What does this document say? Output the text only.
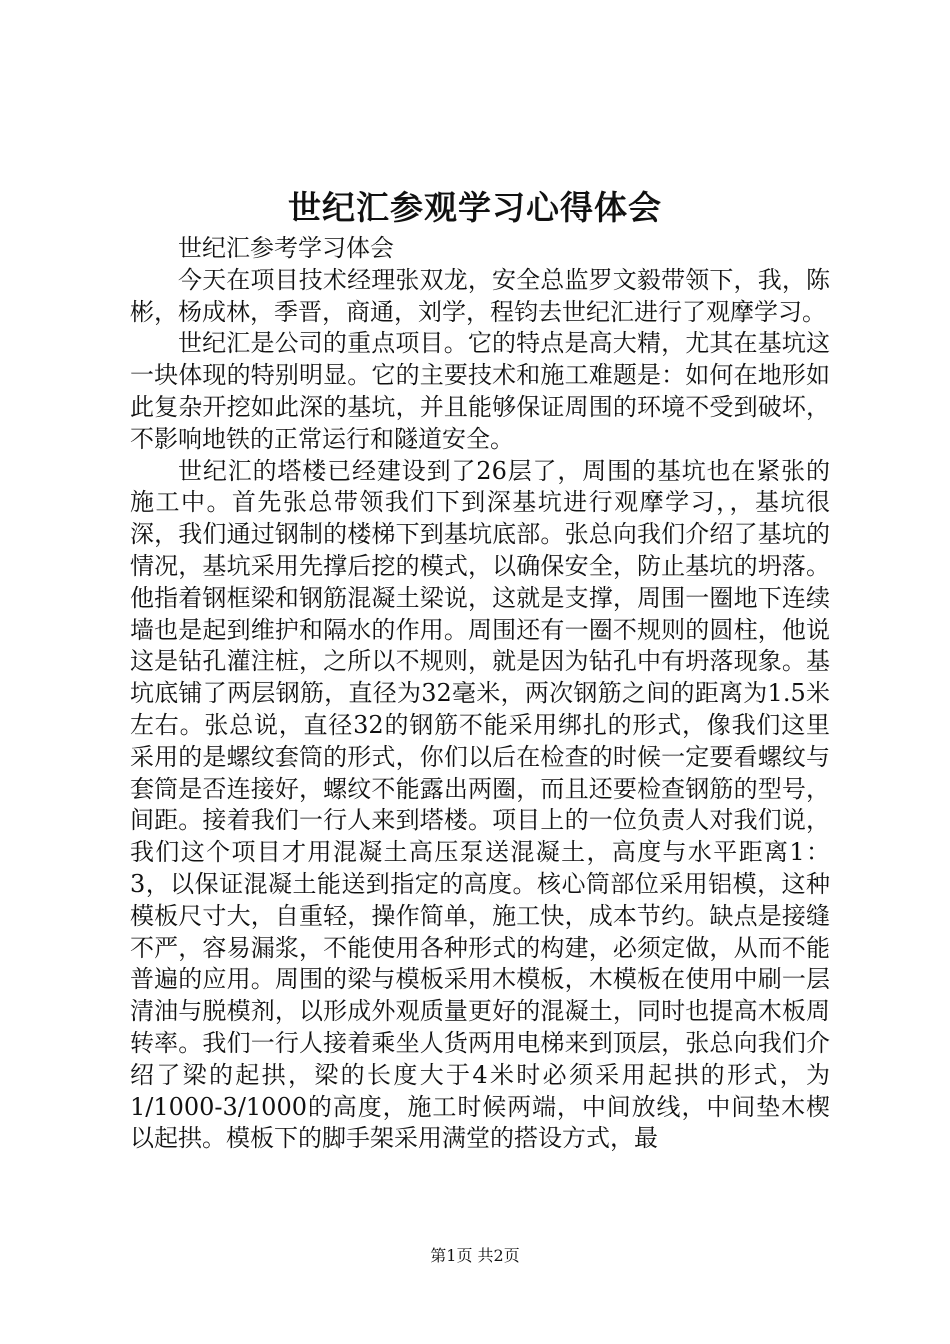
世纪汇参观学习心得体会

世纪汇参考学习体会

今天在项目技术经理张双龙，安全总监罗文毅带领下，我，陈彬，杨成林，季晋，商通，刘学，程钧去世纪汇进行了观摩学习。

世纪汇是公司的重点项目。它的特点是高大精，尤其在基坑这一块体现的特别明显。它的主要技术和施工难题是：如何在地形如此复杂开挖如此深的基坑，并且能够保证周围的环境不受到破坏，不影响地铁的正常运行和隧道安全。

世纪汇的塔楼已经建设到了26层了，周围的基坑也在紧张的施工中。首先张总带领我们下到深基坑进行观摩学习，，基坑很深，我们通过钢制的楼梯下到基坑底部。张总向我们介绍了基坑的情况，基坑采用先撑后挖的模式，以确保安全，防止基坑的坍落。他指着钢框梁和钢筋混凝土梁说，这就是支撑，周围一圈地下连续墙也是起到维护和隔水的作用。周围还有一圈不规则的圆柱，他说这是钻孔灌注桩，之所以不规则，就是因为钻孔中有坍落现象。基坑底铺了两层钢筋，直径为32毫米，两次钢筋之间的距离为1.5米左右。张总说，直径32的钢筋不能采用绑扎的形式，像我们这里采用的是螺纹套筒的形式，你们以后在检查的时候一定要看螺纹与套筒是否连接好，螺纹不能露出两圈，而且还要检查钢筋的型号，间距。接着我们一行人来到塔楼。项目上的一位负责人对我们说，我们这个项目才用混凝土高压泵送混凝土，高度与水平距离1：3，以保证混凝土能送到指定的高度。核心筒部位采用铝模，这种模板尺寸大，自重轻，操作简单，施工快，成本节约。缺点是接缝不严，容易漏浆，不能使用各种形式的构建，必须定做，从而不能普遍的应用。周围的梁与模板采用木模板，木模板在使用中刷一层清油与脱模剂，以形成外观质量更好的混凝土，同时也提高木板周转率。我们一行人接着乘坐人货两用电梯来到顶层，张总向我们介绍了梁的起拱，梁的长度大于4米时必须采用起拱的形式，为1/1000-3/1000的高度，施工时候两端，中间放线，中间垫木楔以起拱。模板下的脚手架采用满堂的搭设方式，最

第1页 共2页
